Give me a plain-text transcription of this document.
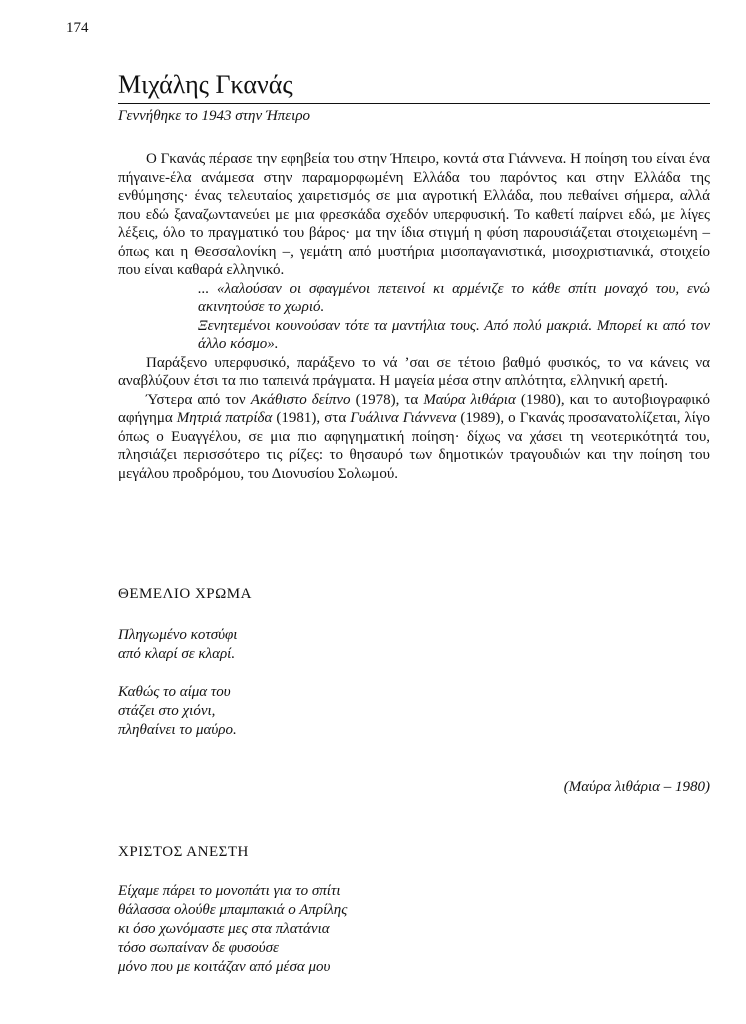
174
Μιχάλης Γκανάς
Γεννήθηκε το 1943 στην Ήπειρο

Ο Γκανάς πέρασε την εφηβεία του στην Ήπειρο, κοντά στα Γιάννενα. Η ποίηση του είναι ένα πήγαινε-έλα ανάμεσα στην παραμορφωμένη Ελλάδα του παρόντος και στην Ελλάδα της ενθύμησης· ένας τελευταίος χαιρετισμός σε μια αγροτική Ελλάδα, που πεθαίνει σήμερα, αλλά που εδώ ξαναζωντανεύει με μια φρεσκάδα σχεδόν υπερφυσική. Το καθετί παίρνει εδώ, με λίγες λέξεις, όλο το πραγματικό του βάρος· μα την ίδια στιγμή η φύση παρουσιάζεται στοιχειωμένη – όπως και η Θεσσαλονίκη –, γεμάτη από μυστήρια μισοπαγανιστικά, μισοχριστιανικά, στοιχείο που είναι καθαρά ελληνικό.

... «λαλούσαν οι σφαγμένοι πετεινοί κι αρμένιζε το κάθε σπίτι μοναχό του, ενώ ακινητούσε το χωριό.

Ξενητεμένοι κουνούσαν τότε τα μαντήλια τους. Από πολύ μακριά. Μπορεί κι από τον άλλο κόσμο».

Παράξενο υπερφυσικό, παράξενο το νά ’σαι σε τέτοιο βαθμό φυσικός, το να κάνεις να αναβλύζουν έτσι τα πιο ταπεινά πράγματα. Η μαγεία μέσα στην απλότητα, ελληνική αρετή.

Ύστερα από τον Ακάθιστο δείπνο (1978), τα Μαύρα λιθάρια (1980), και το αυτοβιογραφικό αφήγημα Μητριά πατρίδα (1981), στα Γυάλινα Γιάννενα (1989), ο Γκανάς προσανατολίζεται, λίγο όπως ο Ευαγγέλου, σε μια πιο αφηγηματική ποίηση· δίχως να χάσει τη νεοτερικότητά του, πλησιάζει περισσότερο τις ρίζες: το θησαυρό των δημοτικών τραγουδιών και την ποίηση του μεγάλου προδρόμου, του Διονυσίου Σολωμού.

ΘΕΜΕΛΙΟ ΧΡΩΜΑ
Πληγωμένο κοτσύφι
από κλαρί σε κλαρί.
Καθώς το αίμα του
στάζει στο χιόνι,
πληθαίνει το μαύρο.
(Μαύρα λιθάρια – 1980)
ΧΡΙΣΤΟΣ ΑΝΕΣΤΗ
Είχαμε πάρει το μονοπάτι για το σπίτι
θάλασσα ολούθε μπαμπακιά ο Απρίλης
κι όσο χωνόμαστε μες στα πλατάνια
τόσο σωπαίναν δε φυσούσε
μόνο που με κοιτάζαν από μέσα μου
